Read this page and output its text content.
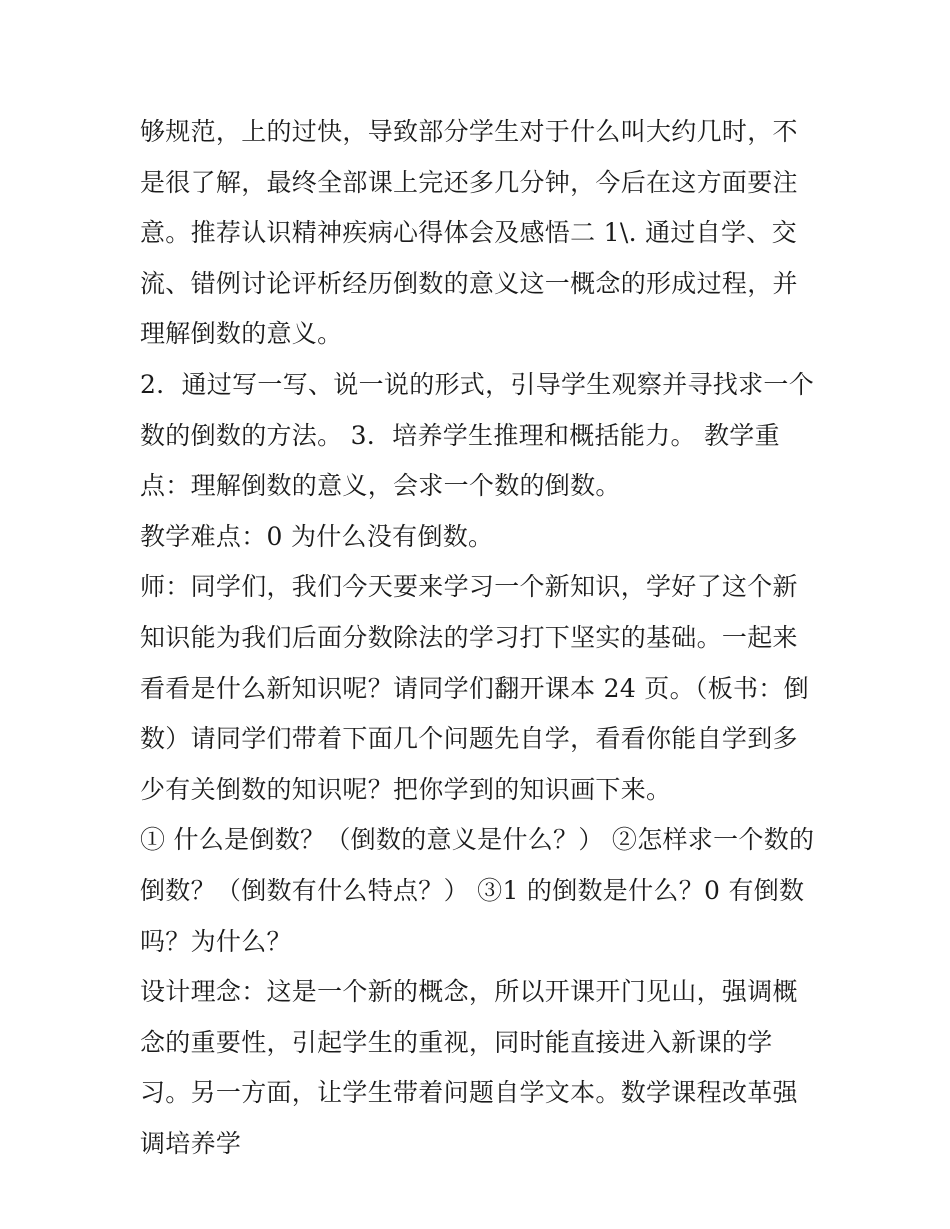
够规范，上的过快，导致部分学生对于什么叫大约几时，不是很了解，最终全部课上完还多几分钟，今后在这方面要注意。推荐认识精神疾病心得体会及感悟二 1\. 通过自学、交流、错例讨论评析经历倒数的意义这一概念的形成过程，并理解倒数的意义。

2．通过写一写、说一说的形式，引导学生观察并寻找求一个数的倒数的方法。 3．培养学生推理和概括能力。 教学重点：理解倒数的意义，会求一个数的倒数。

教学难点：0 为什么没有倒数。

师：同学们，我们今天要来学习一个新知识，学好了这个新知识能为我们后面分数除法的学习打下坚实的基础。一起来看看是什么新知识呢？请同学们翻开课本 24 页。（板书：倒数）请同学们带着下面几个问题先自学，看看你能自学到多少有关倒数的知识呢？把你学到的知识画下来。

① 什么是倒数？（倒数的意义是什么？） ②怎样求一个数的倒数？（倒数有什么特点？） ③1 的倒数是什么？0 有倒数吗？为什么？

设计理念：这是一个新的概念，所以开课开门见山，强调概念的重要性，引起学生的重视，同时能直接进入新课的学习。另一方面，让学生带着问题自学文本。数学课程改革强调培养学
